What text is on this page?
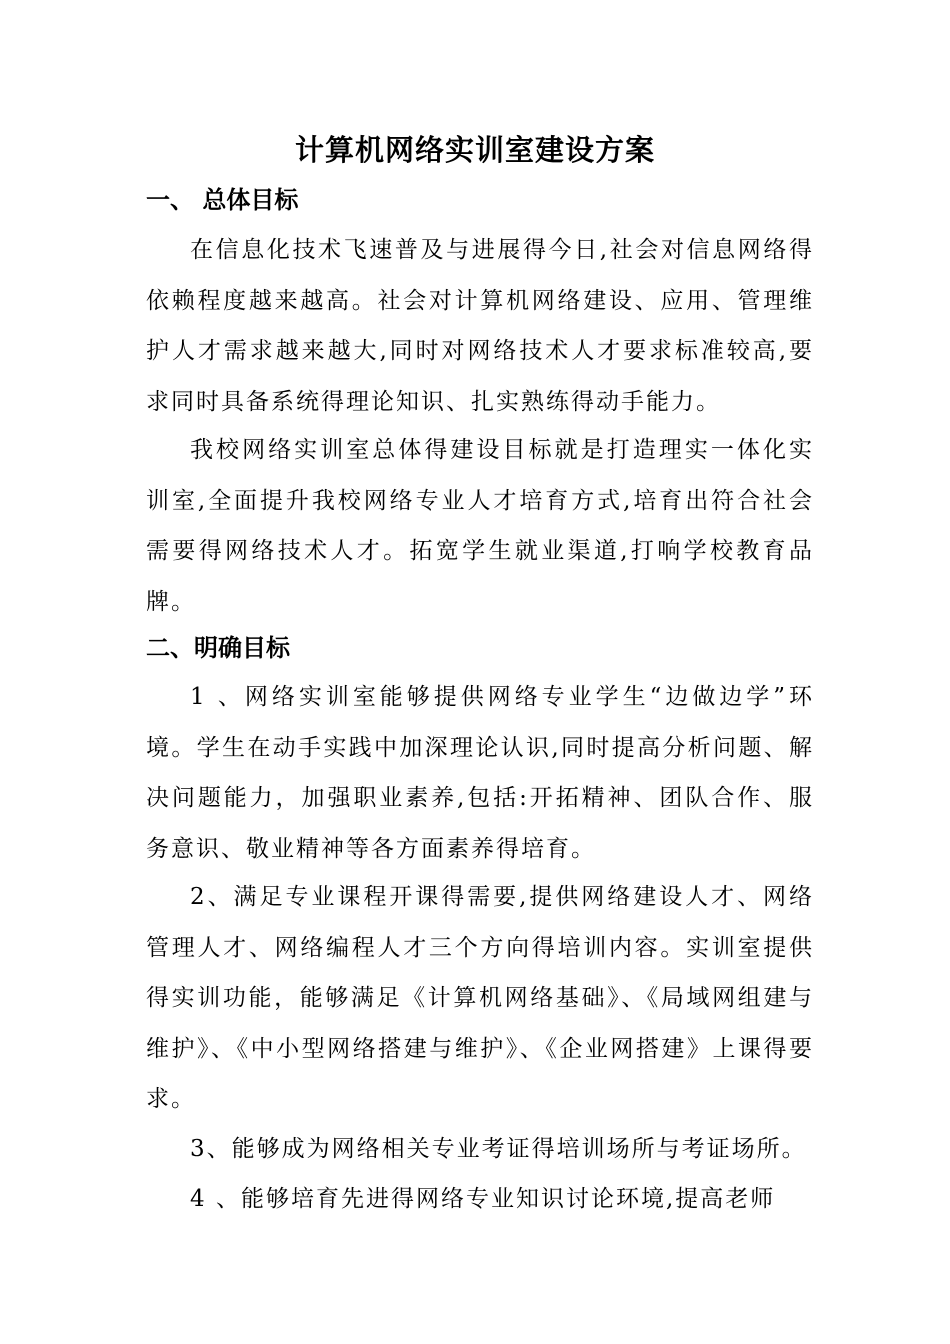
计算机网络实训室建设方案
一、 总体目标

在信息化技术飞速普及与进展得今日,社会对信息网络得依赖程度越来越高。社会对计算机网络建设、应用、管理维护人才需求越来越大,同时对网络技术人才要求标准较高,要求同时具备系统得理论知识、扎实熟练得动手能力。

我校网络实训室总体得建设目标就是打造理实一体化实训室,全面提升我校网络专业人才培育方式,培育出符合社会需要得网络技术人才。拓宽学生就业渠道,打响学校教育品牌。

二、明确目标

1 、网络实训室能够提供网络专业学生“边做边学”环境。学生在动手实践中加深理论认识,同时提高分析问题、解决问题能力，加强职业素养,包括:开拓精神、团队合作、服务意识、敬业精神等各方面素养得培育。

2、满足专业课程开课得需要,提供网络建设人才、网络管理人才、网络编程人才三个方向得培训内容。实训室提供得实训功能，能够满足《计算机网络基础》、《局域网组建与维护》、《中小型网络搭建与维护》、《企业网搭建》上课得要求。

3、能够成为网络相关专业考证得培训场所与考证场所。

4 、能够培育先进得网络专业知识讨论环境,提高老师
